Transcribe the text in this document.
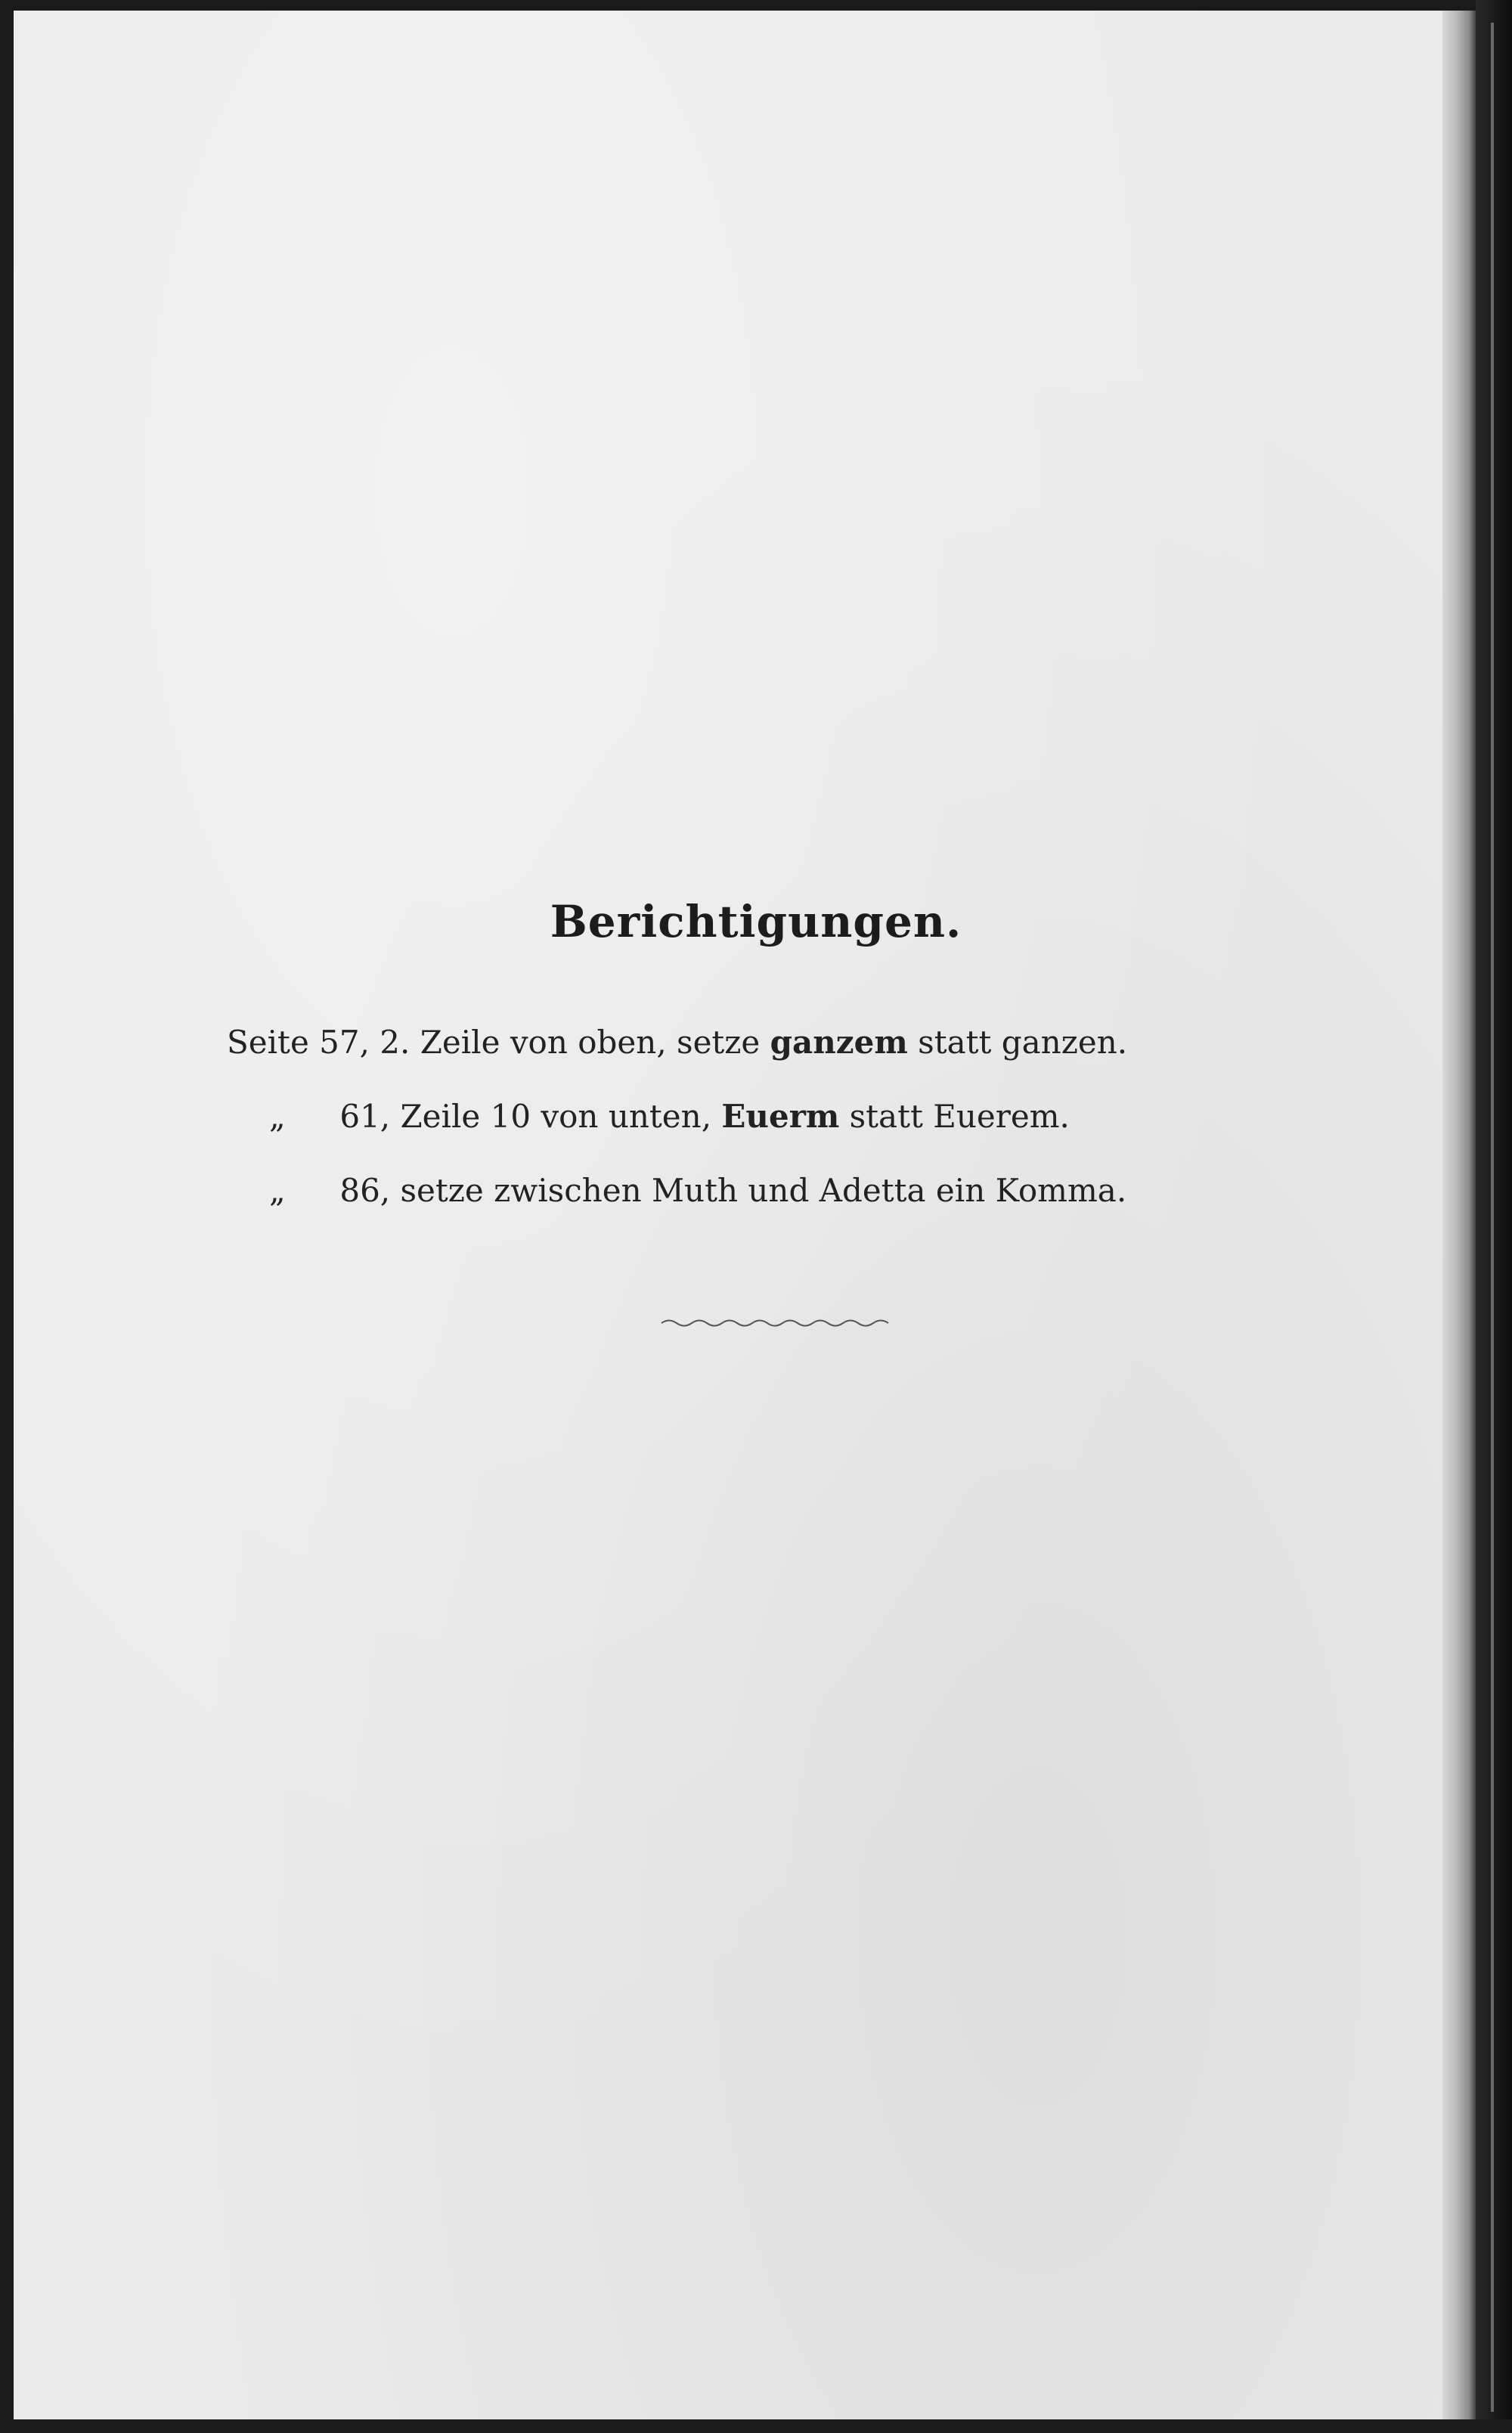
Berichtigungen.
Seite 57, 2. Zeile von oben, setze ganzem statt ganzen.
„ 61, Zeile 10 von unten, Euerm statt Euerem.
„ 86, setze zwischen Muth und Adetta ein Komma.
